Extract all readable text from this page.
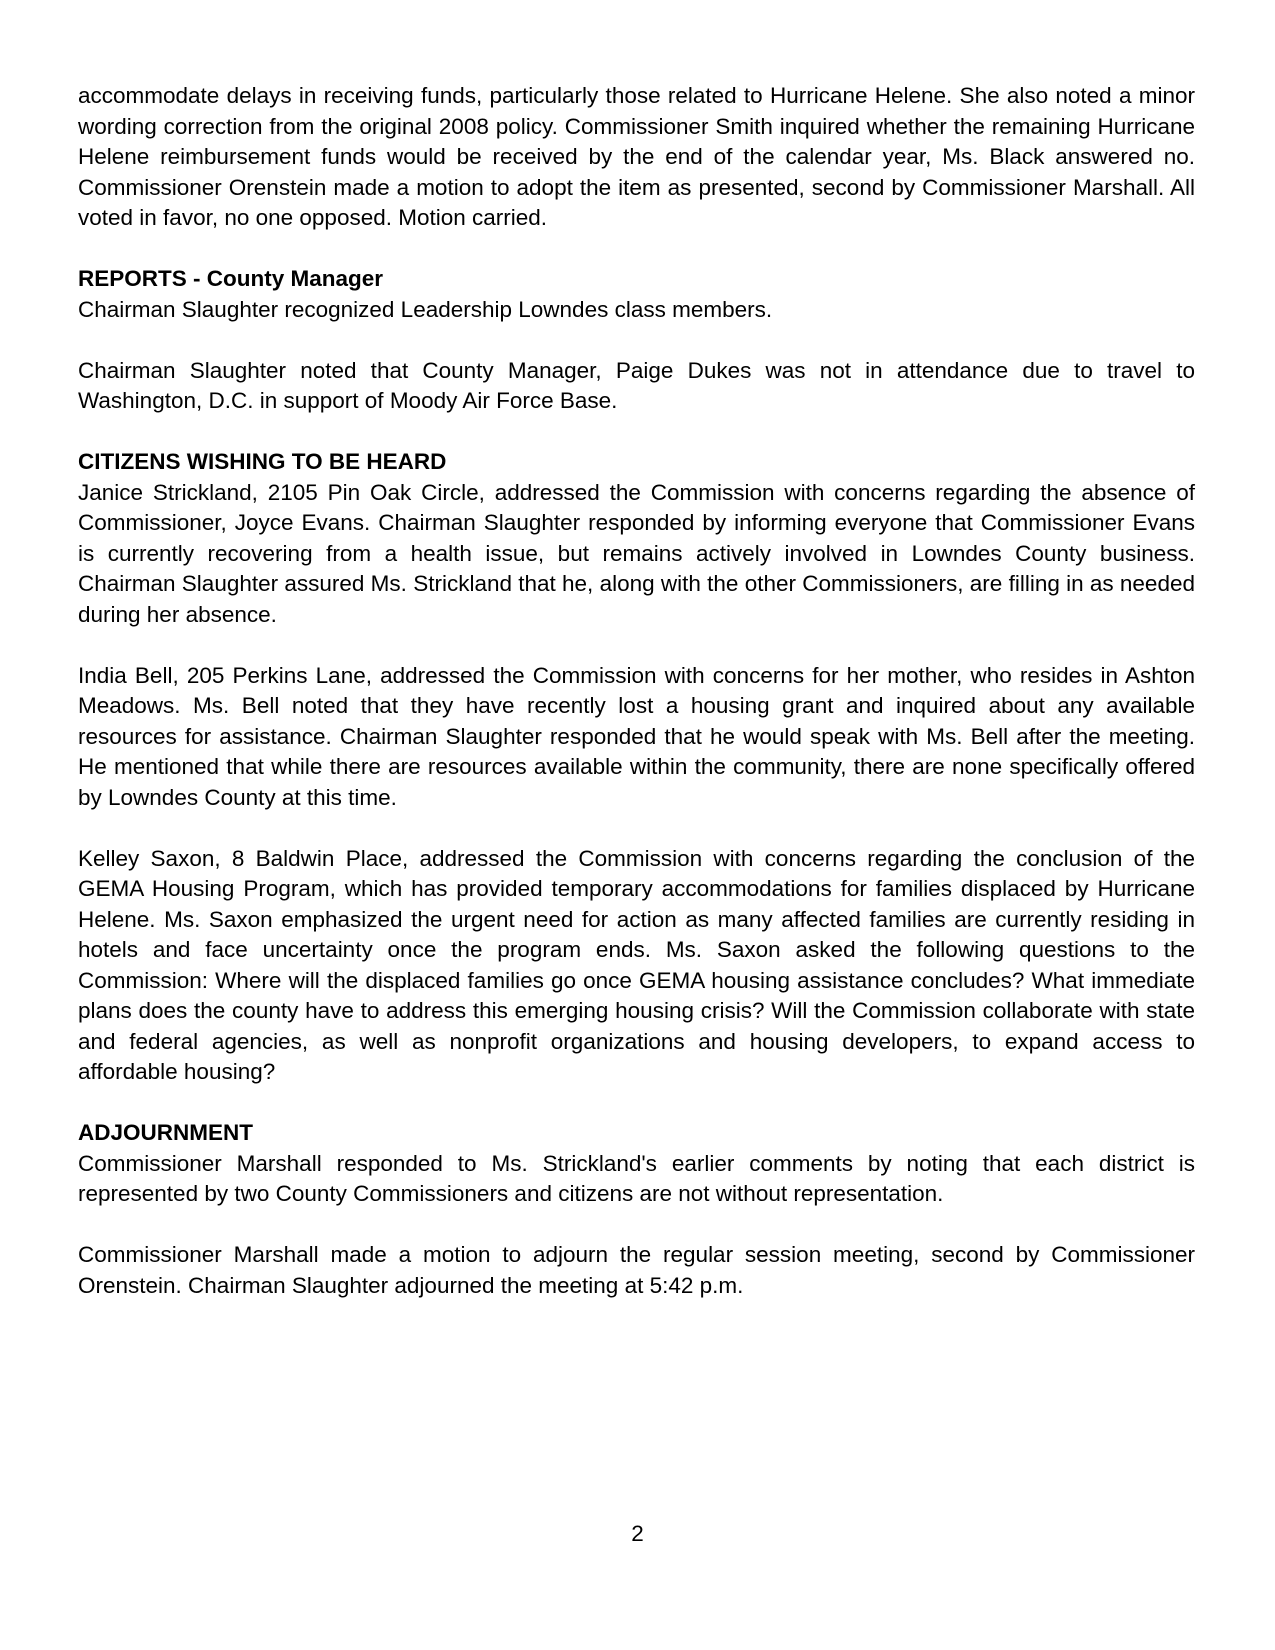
accommodate delays in receiving funds, particularly those related to Hurricane Helene. She also noted a minor wording correction from the original 2008 policy. Commissioner Smith inquired whether the remaining Hurricane Helene reimbursement funds would be received by the end of the calendar year, Ms. Black answered no. Commissioner Orenstein made a motion to adopt the item as presented, second by Commissioner Marshall. All voted in favor, no one opposed. Motion carried.

REPORTS - County Manager

Chairman Slaughter recognized Leadership Lowndes class members.

Chairman Slaughter noted that County Manager, Paige Dukes was not in attendance due to travel to Washington, D.C. in support of Moody Air Force Base.

CITIZENS WISHING TO BE HEARD

Janice Strickland, 2105 Pin Oak Circle, addressed the Commission with concerns regarding the absence of Commissioner, Joyce Evans. Chairman Slaughter responded by informing everyone that Commissioner Evans is currently recovering from a health issue, but remains actively involved in Lowndes County business. Chairman Slaughter assured Ms. Strickland that he, along with the other Commissioners, are filling in as needed during her absence.

India Bell, 205 Perkins Lane, addressed the Commission with concerns for her mother, who resides in Ashton Meadows. Ms. Bell noted that they have recently lost a housing grant and inquired about any available resources for assistance. Chairman Slaughter responded that he would speak with Ms. Bell after the meeting. He mentioned that while there are resources available within the community, there are none specifically offered by Lowndes County at this time.

Kelley Saxon, 8 Baldwin Place, addressed the Commission with concerns regarding the conclusion of the GEMA Housing Program, which has provided temporary accommodations for families displaced by Hurricane Helene. Ms. Saxon emphasized the urgent need for action as many affected families are currently residing in hotels and face uncertainty once the program ends. Ms. Saxon asked the following questions to the Commission: Where will the displaced families go once GEMA housing assistance concludes? What immediate plans does the county have to address this emerging housing crisis? Will the Commission collaborate with state and federal agencies, as well as nonprofit organizations and housing developers, to expand access to affordable housing?

ADJOURNMENT

Commissioner Marshall responded to Ms. Strickland's earlier comments by noting that each district is represented by two County Commissioners and citizens are not without representation.

Commissioner Marshall made a motion to adjourn the regular session meeting, second by Commissioner Orenstein. Chairman Slaughter adjourned the meeting at 5:42 p.m.

2
